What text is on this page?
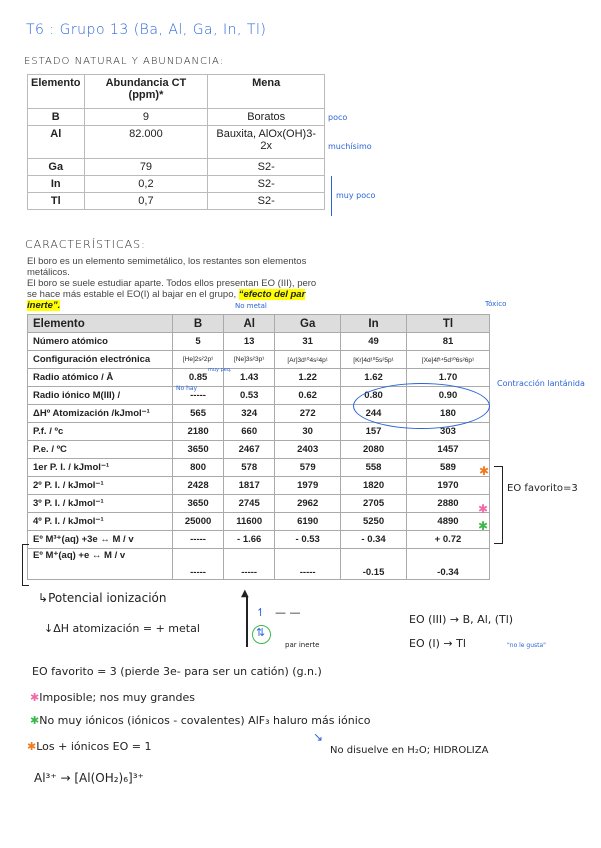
T6 : Grupo 13 (Ba, Al, Ga, In, Tl)
ESTADO NATURAL Y ABUNDANCIA:
Elemento	Abundancia CT (ppm)*	Mena
B	9	Boratos
Al	82.000	Bauxita, AlOx(OH)3-2x
Ga	79	S2-
In	0,2	S2-
Tl	0,7	S2-
poco
muchísimo
muy poco
CARACTERÍSTICAS:
El boro es un elemento semimetálico, los restantes son elementos metálicos.
El boro se suele estudiar aparte. Todos ellos presentan EO (III), pero se hace más estable el EO(I) al bajar en el grupo, “efecto del par inerte”.	No metal	Tóxico
Elemento	B	Al	Ga	In	Tl
Número atómico	5	13	31	49	81
Configuración electrónica	[He]2s²2p¹	[Ne]3s²3p¹	[Ar]3d¹⁰4s²4p¹	[Kr]4d¹⁰5s²5p¹	[Xe]4f¹⁴5d¹⁰6s²6p¹
Radio atómico / Å	0.85	1.43	1.22	1.62	1.70
Radio iónico M(III) /	-----	0.53	0.62	0.80	0.90
ΔHº Atomización /kJmol⁻¹	565	324	272	244	180
P.f. / ºc	2180	660	30	157	303
P.e. / ºC	3650	2467	2403	2080	1457
1er P. I. / kJmol⁻¹	800	578	579	558	589
2º P. I. / kJmol⁻¹	2428	1817	1979	1820	1970
3º P. I. / kJmol⁻¹	3650	2745	2962	2705	2880
4º P. I. / kJmol⁻¹	25000	11600	6190	5250	4890
Eº M³⁺(aq) +3e ↔ M / v	-----	- 1.66	- 0.53	- 0.34	+ 0.72
Eº M⁺(aq) +e ↔ M / v	-----	-----	-----	-0.15	-0.34
muy peq.
No hay
Contracción lantánida
✱
✱
✱
EO favorito=3
↳Potencial ionización
↓ΔH atomización = + metal
▲
↿ — —
⇅
par inerte
EO (III) → B, Al, (Tl)
EO (I) → Tl	"no le gusta"
EO favorito = 3 (pierde 3e- para ser un catión) (g.n.)
✱Imposible; nos muy grandes
✱No muy iónicos (iónicos - covalentes) AlF₃ haluro más iónico
✱Los + iónicos EO = 1
↘
No disuelve en H₂O; HIDROLIZA
Al³⁺ → [Al(OH₂)₆]³⁺
